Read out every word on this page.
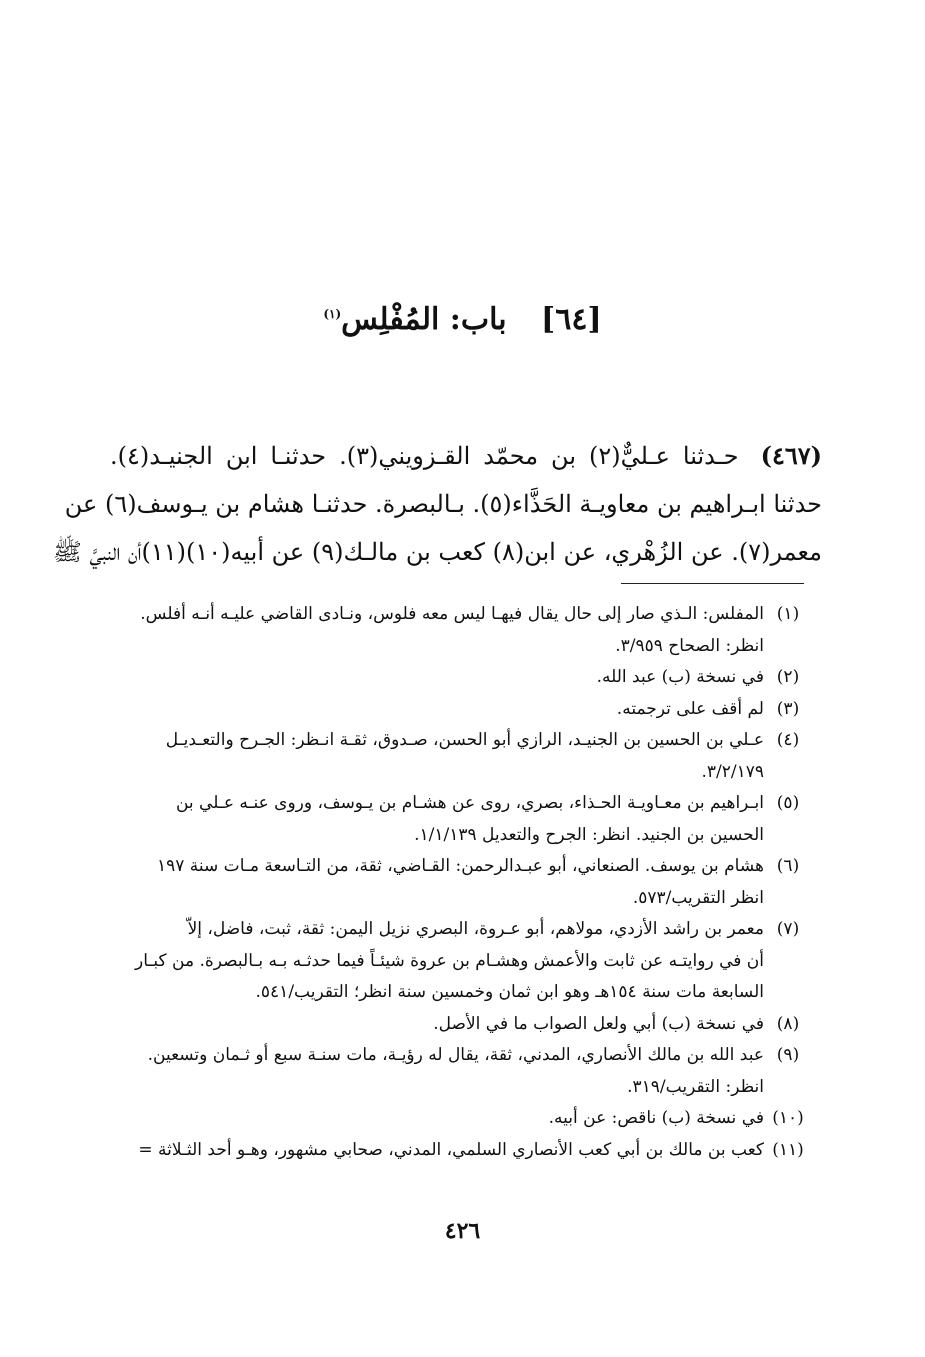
[٦٤] باب: المُفْلِس$^{(١)}$
(٤٦٧)حـدثنا عـليٌّ(٢) بن محمّد القـزويني(٣). حدثنـا ابن الجنيـد(٤).
حدثنا ابـراهيم بن معاويـة الحَذَّاء(٥). بـالبصرة. حدثنـا هشام بن يـوسف(٦) عن
معمر(٧). عن الزُهْري، عن ابن(٨) كعب بن مالـك(٩) عن أبيه(١٠)(١١)أن النبيَّ ﷺ
(١)
المفلس: الـذي صار إلى حال يقال فيهـا ليس معه فلوس، ونـادى القاضي عليـه أنـه أفلس.
انظر: الصحاح ٣/٩٥٩.
(٢)
في نسخة (ب) عبد الله.
(٣)
لم أقف على ترجمته.
(٤)
عـلي بن الحسين بن الجنيـد، الرازي أبو الحسن، صـدوق، ثقـة انـظر: الجـرح والتعـديـل
٣/٢/١٧٩.
(٥)
ابـراهيم بن معـاويـة الحـذاء، بصري، روى عن هشـام بن يـوسف، وروى عنـه عـلي بن
الحسين بن الجنيد. انظر: الجرح والتعديل ١/١/١٣٩.
(٦)
هشام بن يوسف. الصنعاني، أبو عبـدالرحمن: القـاضي، ثقة، من التـاسعة مـات سنة ١٩٧
انظر التقريب/٥٧٣.
(٧)
معمر بن راشد الأزدي، مولاهم، أبو عـروة، البصري نزيل اليمن: ثقة، ثبت، فاضل، إلاّ
أن في روايتـه عن ثابت والأعمش وهشـام بن عروة شيئـاً فيما حدثـه بـه بـالبصرة. من كبـار
السابعة مات سنة ١٥٤هـ وهو ابن ثمان وخمسين سنة انظر؛ التقريب/٥٤١.
(٨)
في نسخة (ب) أبي ولعل الصواب ما في الأصل.
(٩)
عبد الله بن مالك الأنصاري، المدني، ثقة، يقال له رؤيـة، مات سنـة سبع أو ثـمان وتسعين.
انظر: التقريب/٣١٩.
(١٠)
في نسخة (ب) ناقص: عن أبيه.
(١١)
كعب بن مالك بن أبي كعب الأنصاري السلمي، المدني، صحابي مشهور، وهـو أحد الثـلاثة =
٤٢٦
